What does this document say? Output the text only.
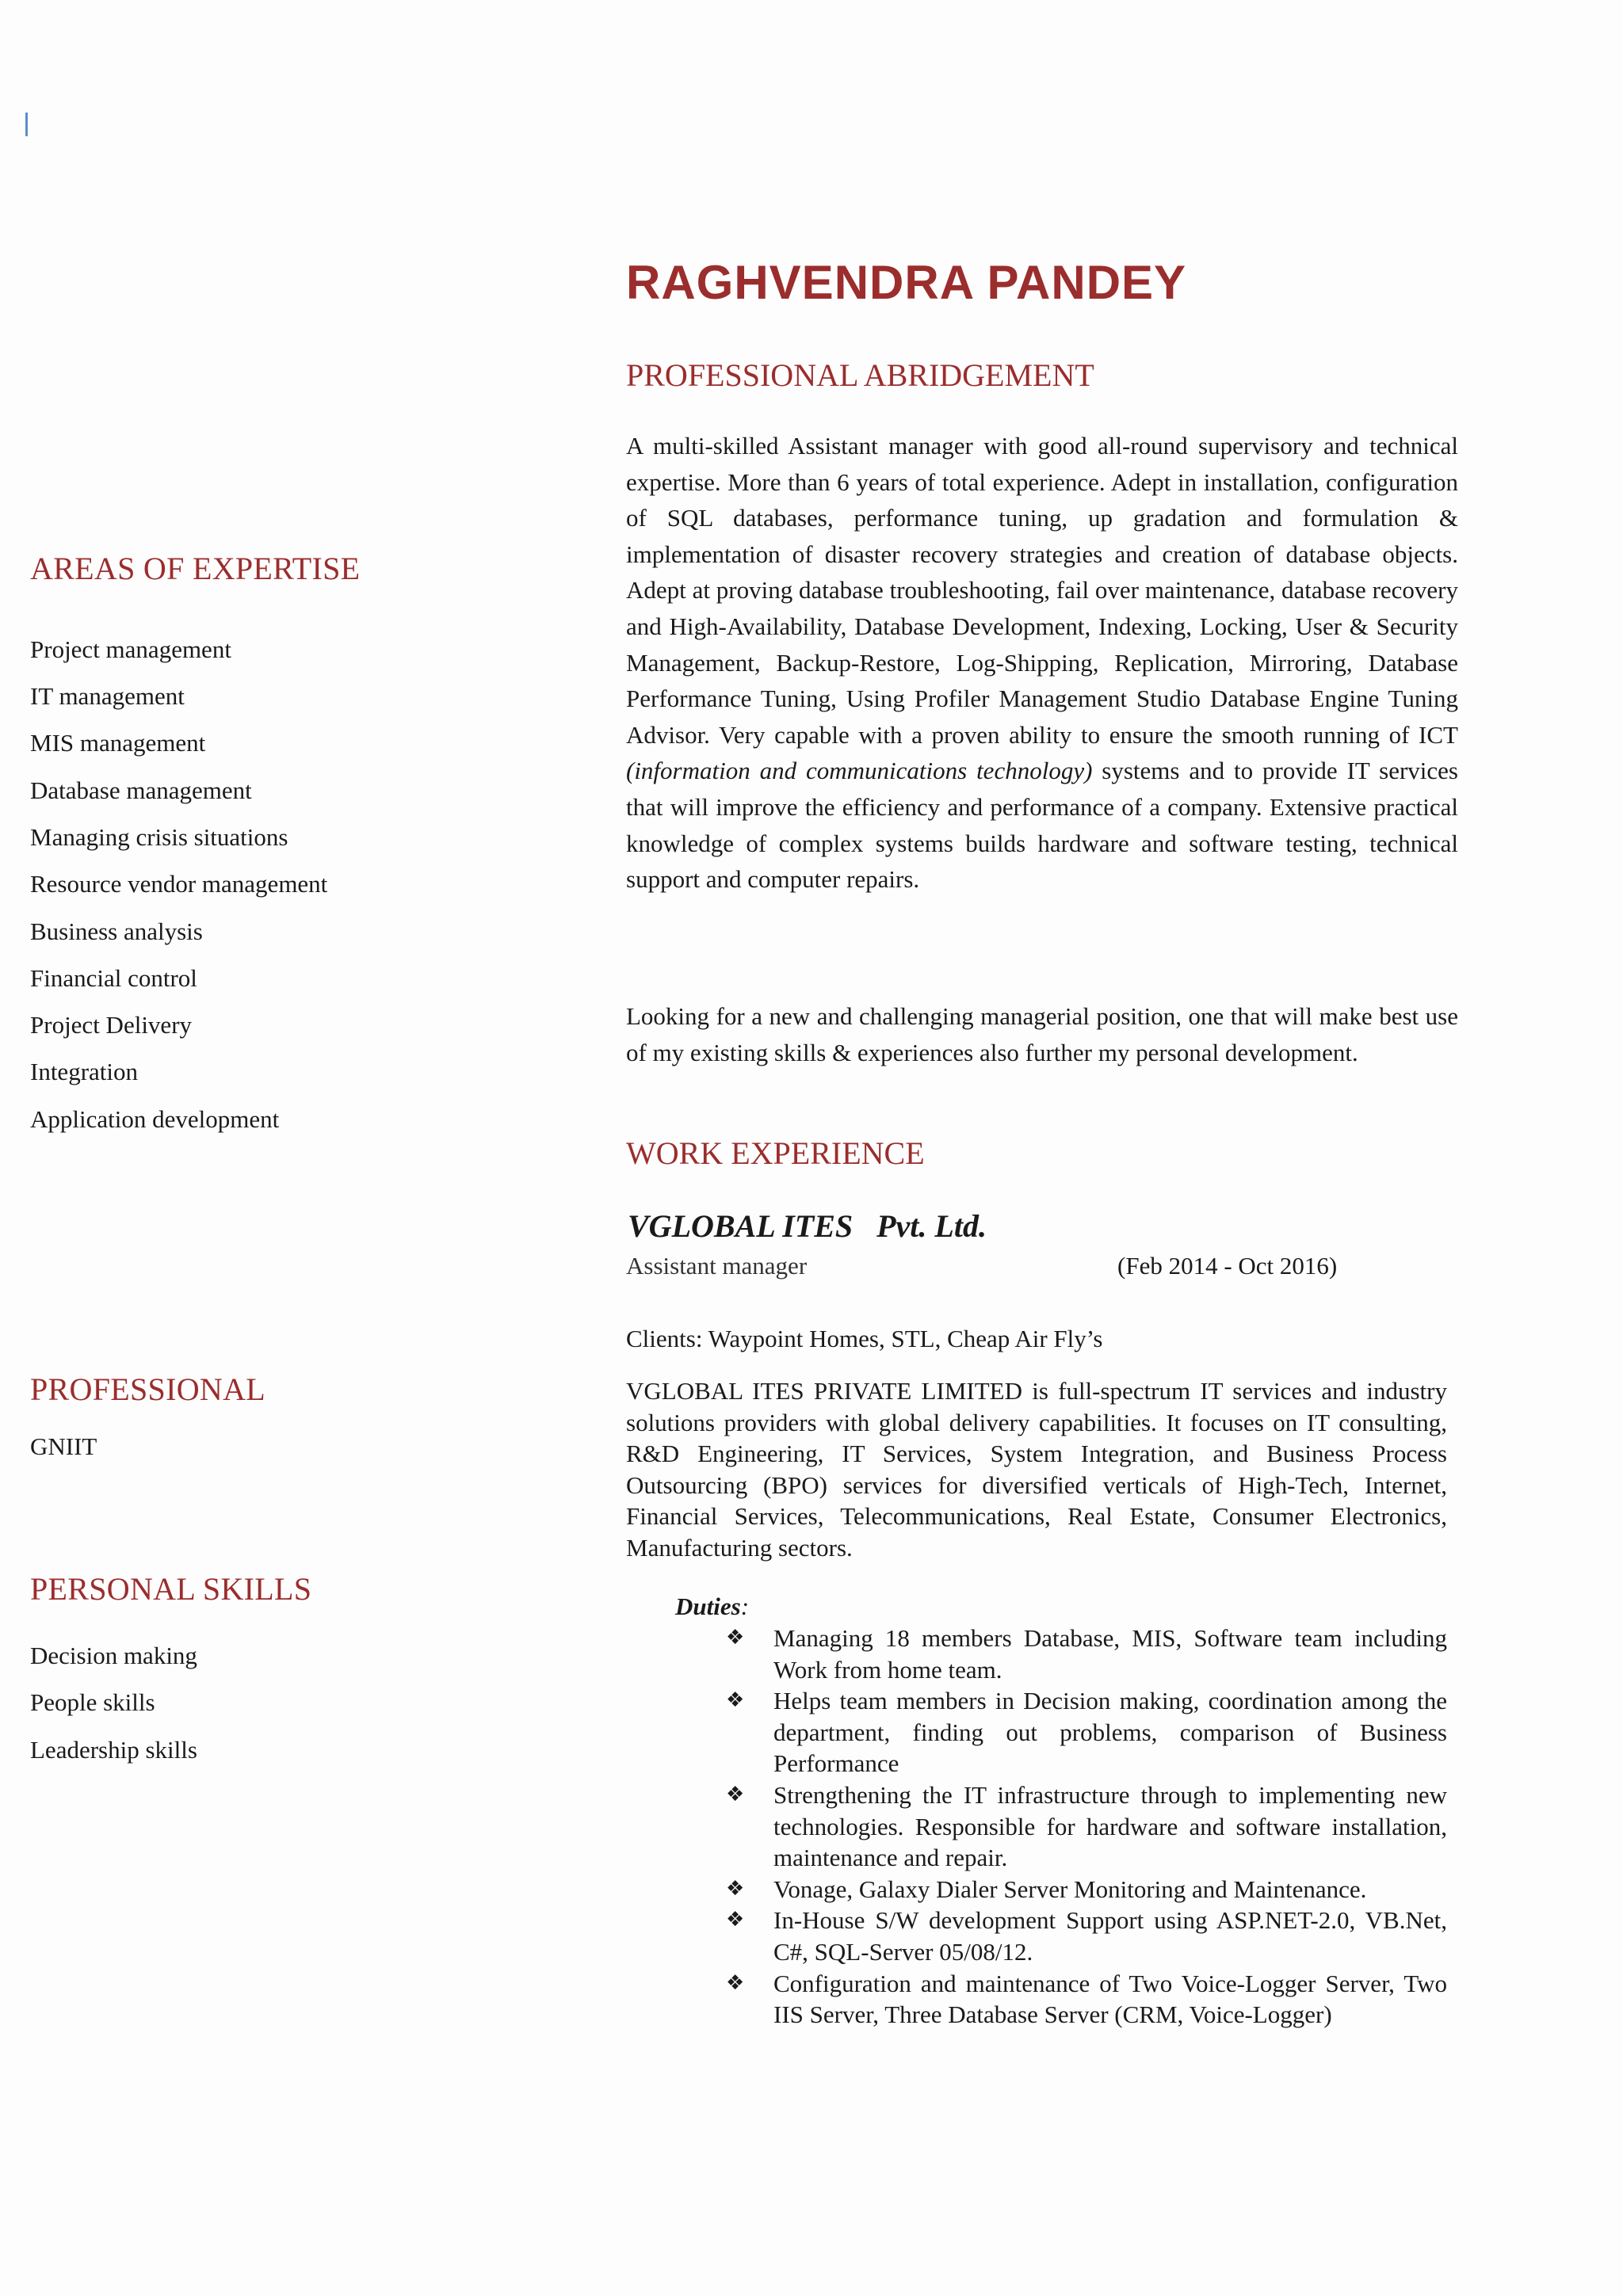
AREAS OF EXPERTISE
Project management
IT management
MIS management
Database management
Managing crisis situations
Resource vendor management
Business analysis
Financial control
Project Delivery
Integration
Application development
PROFESSIONAL
GNIIT
PERSONAL SKILLS
Decision making
People skills
Leadership skills
RAGHVENDRA PANDEY
PROFESSIONAL ABRIDGEMENT

A multi-skilled Assistant manager with good all-round supervisory and technical expertise. More than 6 years of total experience. Adept in installation, configuration of SQL databases, performance tuning, up gradation and formulation & implementation of disaster recovery strategies and creation of database objects. Adept at proving database troubleshooting, fail over maintenance, database recovery and High-Availability, Database Development, Indexing, Locking, User & Security Management, Backup-Restore, Log-Shipping, Replication, Mirroring, Database Performance Tuning, Using Profiler Management Studio Database Engine Tuning Advisor. Very capable with a proven ability to ensure the smooth running of ICT (information and communications technology) systems and to provide IT services that will improve the efficiency and performance of a company. Extensive practical knowledge of complex systems builds hardware and software testing, technical support and computer repairs.

Looking for a new and challenging managerial position, one that will make best use of my existing skills & experiences also further my personal development.

WORK EXPERIENCE
VGLOBAL ITES   Pvt. Ltd.
Assistant manager	(Feb 2014 - Oct 2016)
Clients: Waypoint Homes, STL, Cheap Air Fly’s

VGLOBAL ITES PRIVATE LIMITED is full-spectrum IT services and industry solutions providers with global delivery capabilities. It focuses on IT consulting, R&D Engineering, IT Services, System Integration, and Business Process Outsourcing (BPO) services for diversified verticals of High-Tech, Internet, Financial Services, Telecommunications, Real Estate, Consumer Electronics, Manufacturing sectors.

Duties:
❖ Managing 18 members Database, MIS, Software team including Work from home team.
❖ Helps team members in Decision making, coordination among the department, finding out problems, comparison of Business Performance
❖ Strengthening the IT infrastructure through to implementing new technologies. Responsible for hardware and software installation, maintenance and repair.
❖ Vonage, Galaxy Dialer Server Monitoring and Maintenance.
❖ In-House S/W development Support using ASP.NET-2.0, VB.Net, C#, SQL-Server 05/08/12.
❖ Configuration and maintenance of Two Voice-Logger Server, Two IIS Server, Three Database Server (CRM, Voice-Logger)
